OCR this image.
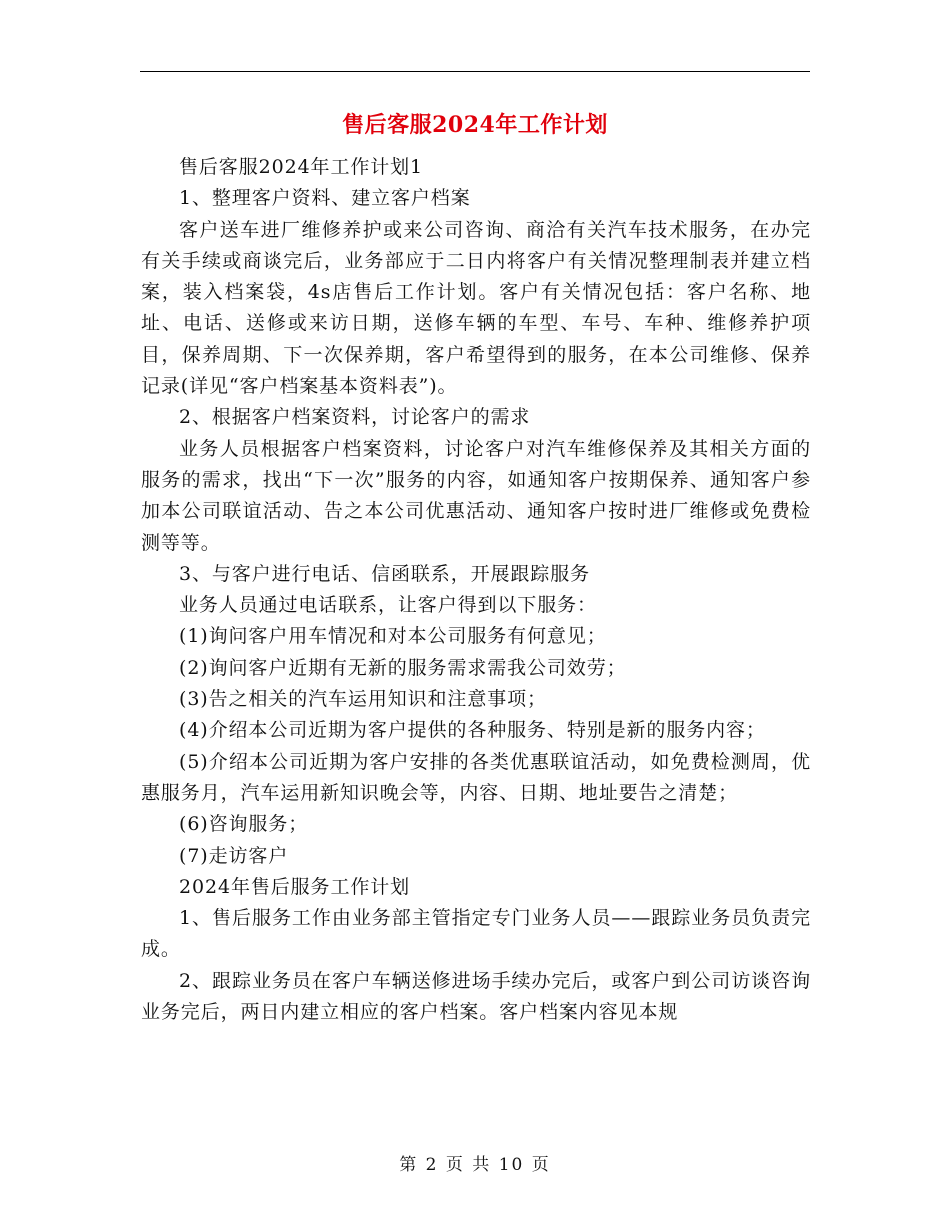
售后客服2024年工作计划

售后客服2024年工作计划1

1、整理客户资料、建立客户档案

客户送车进厂维修养护或来公司咨询、商洽有关汽车技术服务，在办完有关手续或商谈完后，业务部应于二日内将客户有关情况整理制表并建立档案，装入档案袋，4s店售后工作计划。客户有关情况包括：客户名称、地址、电话、送修或来访日期，送修车辆的车型、车号、车种、维修养护项目，保养周期、下一次保养期，客户希望得到的服务，在本公司维修、保养记录(详见“客户档案基本资料表”)。

2、根据客户档案资料，讨论客户的需求

业务人员根据客户档案资料，讨论客户对汽车维修保养及其相关方面的服务的需求，找出“下一次”服务的内容，如通知客户按期保养、通知客户参加本公司联谊活动、告之本公司优惠活动、通知客户按时进厂维修或免费检测等等。

3、与客户进行电话、信函联系，开展跟踪服务

业务人员通过电话联系，让客户得到以下服务：

(1)询问客户用车情况和对本公司服务有何意见；

(2)询问客户近期有无新的服务需求需我公司效劳；

(3)告之相关的汽车运用知识和注意事项；

(4)介绍本公司近期为客户提供的各种服务、特别是新的服务内容；

(5)介绍本公司近期为客户安排的各类优惠联谊活动，如免费检测周，优惠服务月，汽车运用新知识晚会等，内容、日期、地址要告之清楚；

(6)咨询服务；

(7)走访客户

2024年售后服务工作计划

1、售后服务工作由业务部主管指定专门业务人员——跟踪业务员负责完成。

2、跟踪业务员在客户车辆送修进场手续办完后，或客户到公司访谈咨询业务完后，两日内建立相应的客户档案。客户档案内容见本规

第 2 页 共 10 页
